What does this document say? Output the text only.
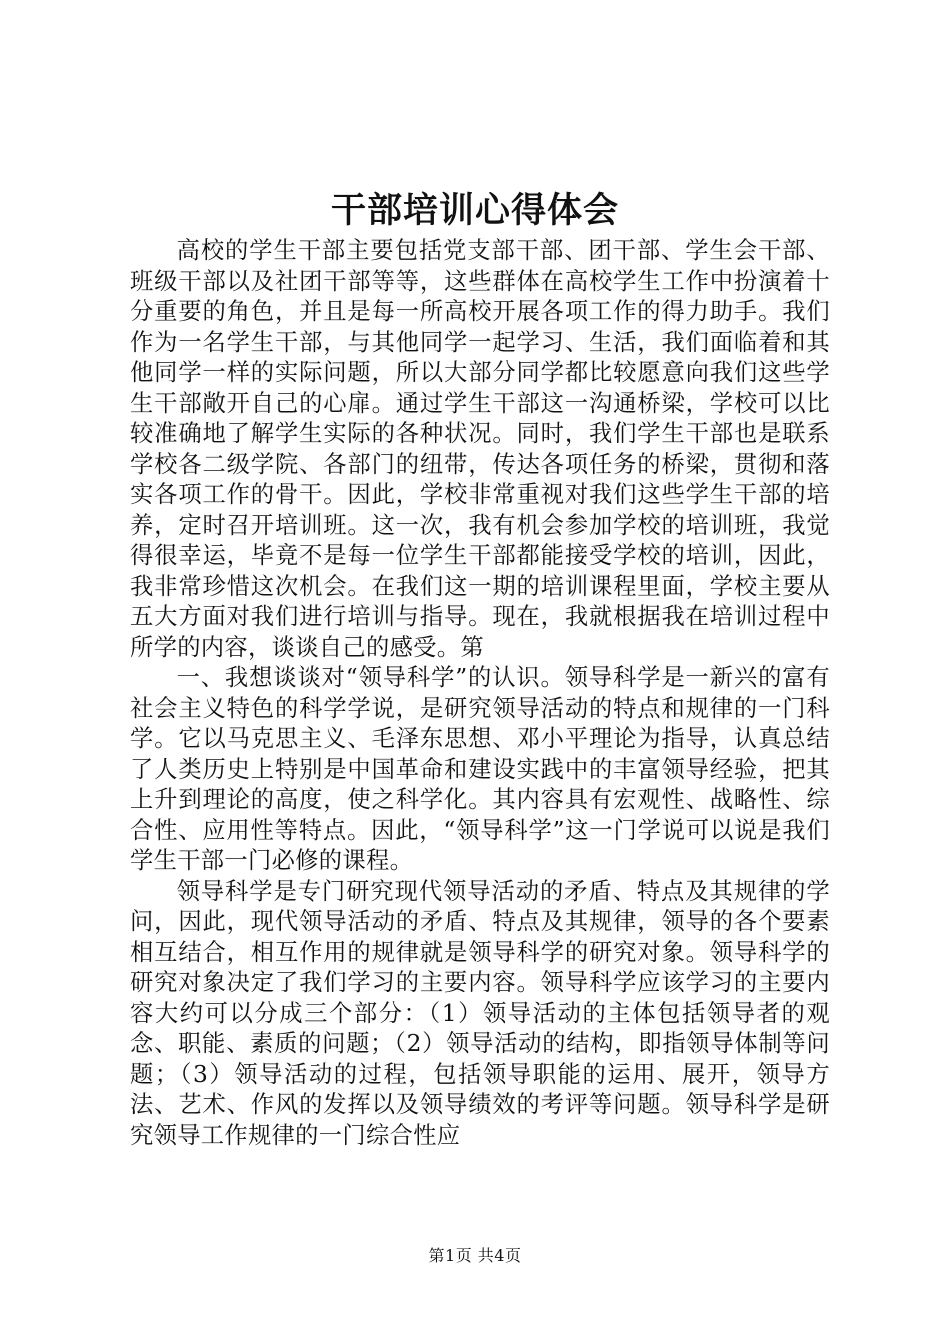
干部培训心得体会

高校的学生干部主要包括党支部干部、团干部、学生会干部、班级干部以及社团干部等等，这些群体在高校学生工作中扮演着十分重要的角色，并且是每一所高校开展各项工作的得力助手。我们作为一名学生干部，与其他同学一起学习、生活，我们面临着和其他同学一样的实际问题，所以大部分同学都比较愿意向我们这些学生干部敞开自己的心扉。通过学生干部这一沟通桥梁，学校可以比较准确地了解学生实际的各种状况。同时，我们学生干部也是联系学校各二级学院、各部门的纽带，传达各项任务的桥梁，贯彻和落实各项工作的骨干。因此，学校非常重视对我们这些学生干部的培养，定时召开培训班。这一次，我有机会参加学校的培训班，我觉得很幸运，毕竟不是每一位学生干部都能接受学校的培训，因此，我非常珍惜这次机会。在我们这一期的培训课程里面，学校主要从五大方面对我们进行培训与指导。现在，我就根据我在培训过程中所学的内容，谈谈自己的感受。第

一、我想谈谈对“领导科学”的认识。领导科学是一新兴的富有社会主义特色的科学学说，是研究领导活动的特点和规律的一门科学。它以马克思主义、毛泽东思想、邓小平理论为指导，认真总结了人类历史上特别是中国革命和建设实践中的丰富领导经验，把其上升到理论的高度，使之科学化。其内容具有宏观性、战略性、综合性、应用性等特点。因此，“领导科学”这一门学说可以说是我们学生干部一门必修的课程。

领导科学是专门研究现代领导活动的矛盾、特点及其规律的学问，因此，现代领导活动的矛盾、特点及其规律，领导的各个要素相互结合，相互作用的规律就是领导科学的研究对象。领导科学的研究对象决定了我们学习的主要内容。领导科学应该学习的主要内容大约可以分成三个部分：（1）领导活动的主体包括领导者的观念、职能、素质的问题；（2）领导活动的结构，即指领导体制等问题；（3）领导活动的过程，包括领导职能的运用、展开，领导方法、艺术、作风的发挥以及领导绩效的考评等问题。领导科学是研究领导工作规律的一门综合性应

第1页 共4页
